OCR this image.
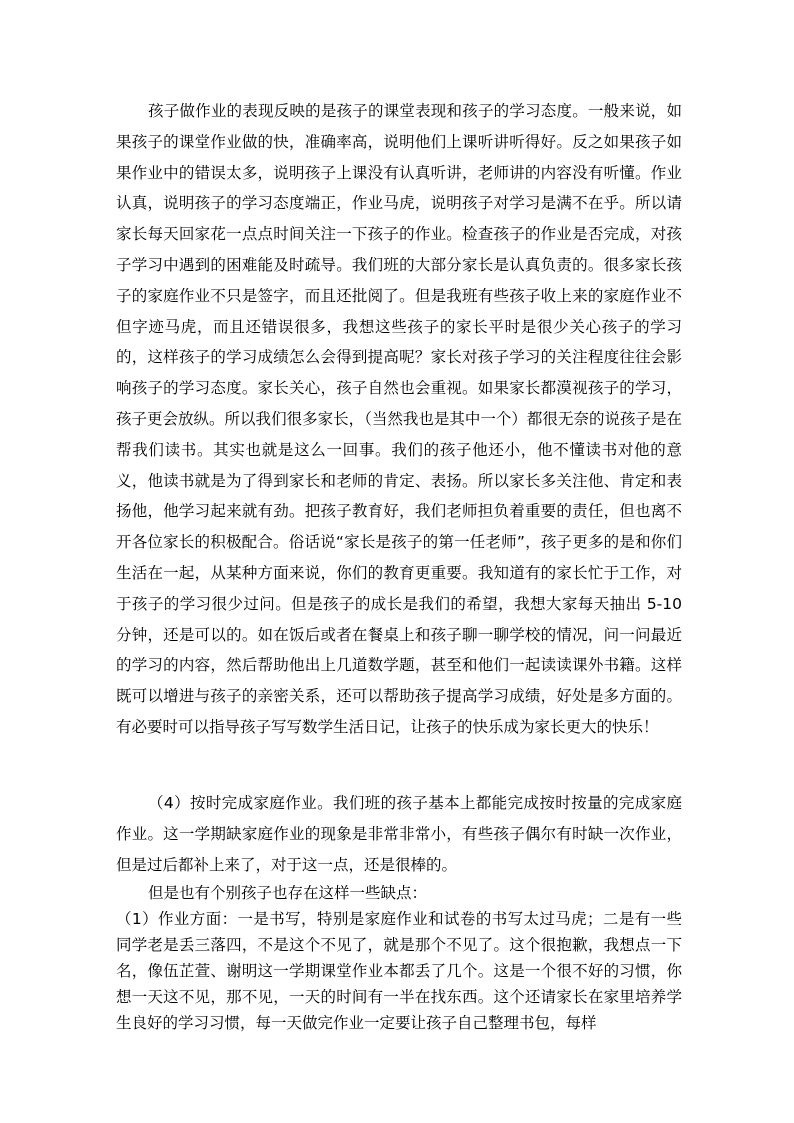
孩子做作业的表现反映的是孩子的课堂表现和孩子的学习态度。一般来说，如果孩子的课堂作业做的快，准确率高，说明他们上课听讲听得好。反之如果孩子如果作业中的错误太多，说明孩子上课没有认真听讲，老师讲的内容没有听懂。作业认真，说明孩子的学习态度端正，作业马虎，说明孩子对学习是满不在乎。所以请家长每天回家花一点点时间关注一下孩子的作业。检查孩子的作业是否完成，对孩子学习中遇到的困难能及时疏导。我们班的大部分家长是认真负责的。很多家长孩子的家庭作业不只是签字，而且还批阅了。但是我班有些孩子收上来的家庭作业不但字迹马虎，而且还错误很多，我想这些孩子的家长平时是很少关心孩子的学习的，这样孩子的学习成绩怎么会得到提高呢？家长对孩子学习的关注程度往往会影响孩子的学习态度。家长关心，孩子自然也会重视。如果家长都漠视孩子的学习，孩子更会放纵。所以我们很多家长，（当然我也是其中一个）都很无奈的说孩子是在帮我们读书。其实也就是这么一回事。我们的孩子他还小，他不懂读书对他的意义，他读书就是为了得到家长和老师的肯定、表扬。所以家长多关注他、肯定和表扬他，他学习起来就有劲。把孩子教育好，我们老师担负着重要的责任，但也离不开各位家长的积极配合。俗话说“家长是孩子的第一任老师”，孩子更多的是和你们生活在一起，从某种方面来说，你们的教育更重要。我知道有的家长忙于工作，对于孩子的学习很少过问。但是孩子的成长是我们的希望，我想大家每天抽出 5-10 分钟，还是可以的。如在饭后或者在餐桌上和孩子聊一聊学校的情况，问一问最近的学习的内容，然后帮助他出上几道数学题，甚至和他们一起读读课外书籍。这样既可以增进与孩子的亲密关系，还可以帮助孩子提高学习成绩，好处是多方面的。有必要时可以指导孩子写写数学生活日记，让孩子的快乐成为家长更大的快乐！

（4）按时完成家庭作业。我们班的孩子基本上都能完成按时按量的完成家庭作业。这一学期缺家庭作业的现象是非常非常小，有些孩子偶尔有时缺一次作业，但是过后都补上来了，对于这一点，还是很棒的。

但是也有个别孩子也存在这样一些缺点：

（1）作业方面：一是书写，特别是家庭作业和试卷的书写太过马虎；二是有一些同学老是丢三落四，不是这个不见了，就是那个不见了。这个很抱歉，我想点一下名，像伍芷萱、谢明这一学期课堂作业本都丢了几个。这是一个很不好的习惯，你想一天这不见，那不见，一天的时间有一半在找东西。这个还请家长在家里培养学生良好的学习习惯，每一天做完作业一定要让孩子自己整理书包，每样
